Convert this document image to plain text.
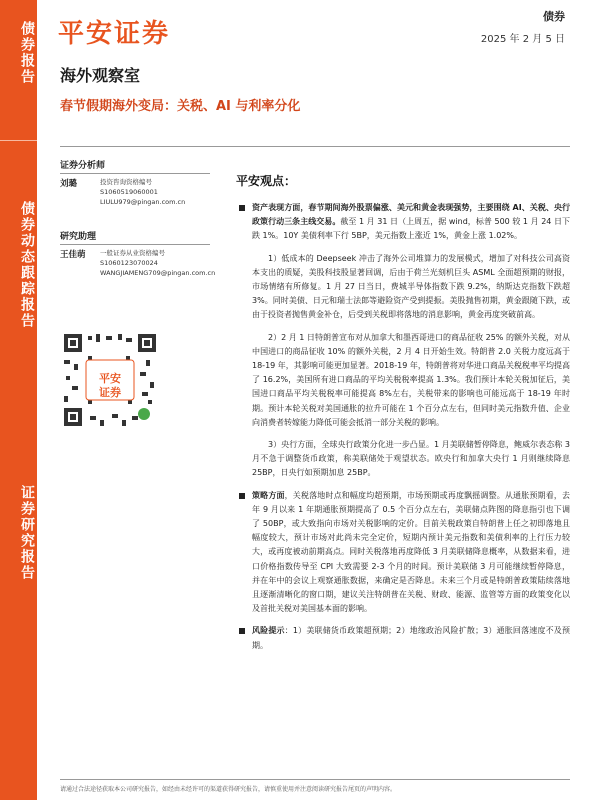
债券报告
债券动态跟踪报告
证券研究报告
平安证券
债券
2025 年 2 月 5 日
海外观察室
春节假期海外变局：关税、AI 与利率分化
证券分析师
刘璐	投资咨询资格编号
S1060519060001
LIULU979@pingan.com.cn
研究助理
王佳萌	一般证券从业资格编号
S1060123070024
WANGJIAMENG709@pingan.com.cn
平安
证券
平安观点：
资产表现方面，春节期间海外股票偏涨、美元和黄金表现强势，主要围绕 AI、关税、央行政策行动三条主线交易。截至 1 月 31 日（上周五，据 wind，标普 500 较 1 月 24 日下跌 1%。10Y 美债利率下行 5BP，美元指数上涨近 1%，黄金上涨 1.02%。
1）低成本的 Deepseek 冲击了海外公司堆算力的发展模式，增加了对科技公司高资本支出的质疑，美股科技股显著回调，后由于荷兰光刻机巨头 ASML 全面超预期的财报，市场情绪有所修复。1 月 27 日当日，费城半导体指数下跌 9.2%，纳斯达克指数下跌超 3%。同时美债、日元和瑞士法郎等避险资产受到提振。美股抛售初期，黄金跟随下跌，或由于投资者抛售黄金补仓，后受到关税即将落地的消息影响，黄金再度突破前高。
2）2 月 1 日特朗普宣布对从加拿大和墨西哥进口的商品征收 25% 的额外关税，对从中国进口的商品征收 10% 的额外关税，2 月 4 日开始生效。特朗普 2.0 关税力度远高于 18-19 年，其影响可能更加显著。2018-19 年，特朗普将对华进口商品关税税率平均提高了 16.2%，美国所有进口商品的平均关税税率提高 1.3%。我们预计本轮关税加征后，美国进口商品平均关税税率可能提高 8%左右，关税带来的影响也可能远高于 18-19 年时期。预计本轮关税对美国通胀的拉升可能在 1 个百分点左右，但同时美元指数升值、企业向消费者转嫁能力降低可能会抵消一部分关税的影响。
3）央行方面，全球央行政策分化进一步凸显。1 月美联储暂停降息，鲍威尔表态称 3 月不急于调整货币政策，称美联储处于观望状态。欧央行和加拿大央行 1 月则继续降息 25BP，日央行如预期加息 25BP。
策略方面，关税落地时点和幅度均超预期，市场预期或再度飘摇调整。从通胀预期看，去年 9 月以来 1 年期通胀预期提高了 0.5 个百分点左右，美联储点阵图的降息指引也下调了 50BP，或大致指向市场对关税影响的定价。目前关税政策自特朗普上任之初即落地且幅度较大，预计市场对此尚未完全定价，短期内预计美元指数和美债利率的上行压力较大，或再度被动前期高点。同时关税落地再度降低 3 月美联储降息概率，从数据来看，进口价格指数传导至 CPI 大致需要 2-3 个月的时间。预计美联储 3 月可能继续暂停降息，并在年中的会议上观察通胀数据，来确定是否降息。未来三个月或是特朗普政策陆续落地且逐渐清晰化的窗口期，建议关注特朗普在关税、财政、能源、监管等方面的政策变化以及首批关税对美国基本面的影响。
风险提示：1）美联储货币政策超预期；2）地缘政治风险扩散；3）通胀回落速度不及预期。
请通过合法途径获取本公司研究报告，如经由未经许可的渠道获得研究报告，请慎重使用并注意阅读研究报告尾页的声明内容。
